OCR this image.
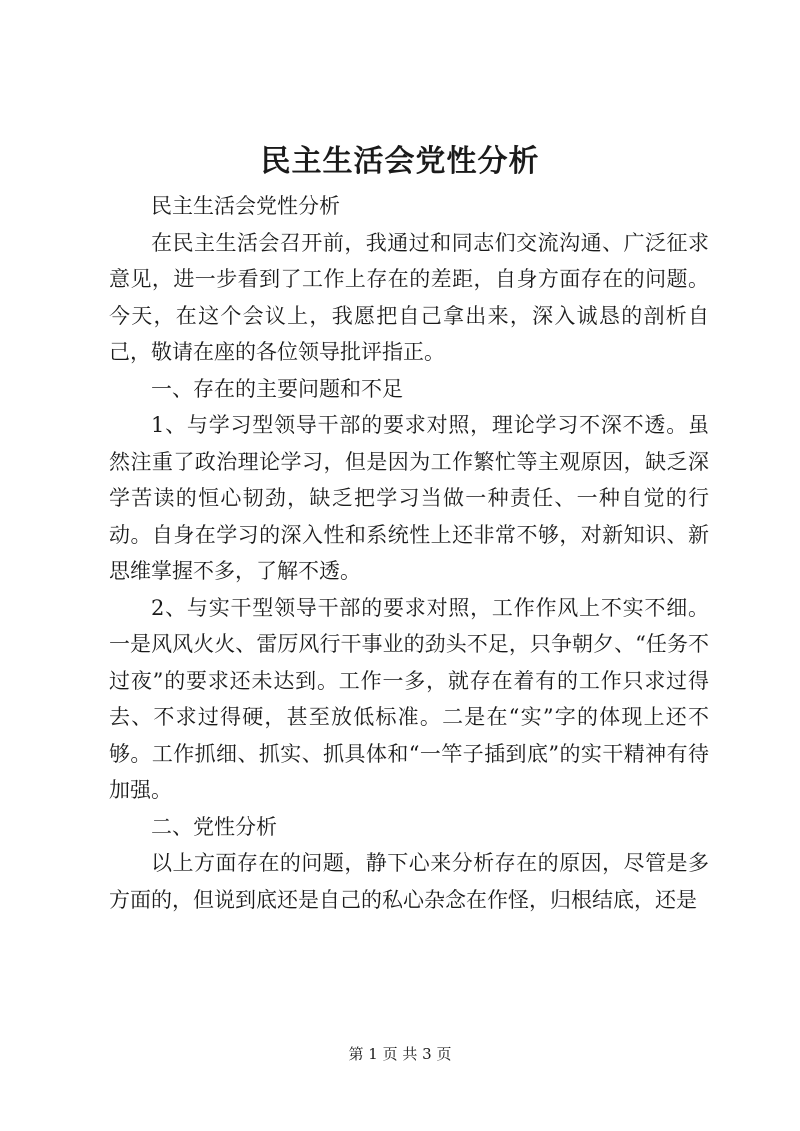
民主生活会党性分析

民主生活会党性分析

在民主生活会召开前，我通过和同志们交流沟通、广泛征求意见，进一步看到了工作上存在的差距，自身方面存在的问题。今天，在这个会议上，我愿把自己拿出来，深入诚恳的剖析自己，敬请在座的各位领导批评指正。

一、存在的主要问题和不足

1、与学习型领导干部的要求对照，理论学习不深不透。虽然注重了政治理论学习，但是因为工作繁忙等主观原因，缺乏深学苦读的恒心韧劲，缺乏把学习当做一种责任、一种自觉的行动。自身在学习的深入性和系统性上还非常不够，对新知识、新思维掌握不多，了解不透。

2、与实干型领导干部的要求对照，工作作风上不实不细。一是风风火火、雷厉风行干事业的劲头不足，只争朝夕、“任务不过夜”的要求还未达到。工作一多，就存在着有的工作只求过得去、不求过得硬，甚至放低标准。二是在“实”字的体现上还不够。工作抓细、抓实、抓具体和“一竿子插到底”的实干精神有待加强。

二、党性分析

以上方面存在的问题，静下心来分析存在的原因，尽管是多方面的，但说到底还是自己的私心杂念在作怪，归根结底，还是

第 1 页 共 3 页
